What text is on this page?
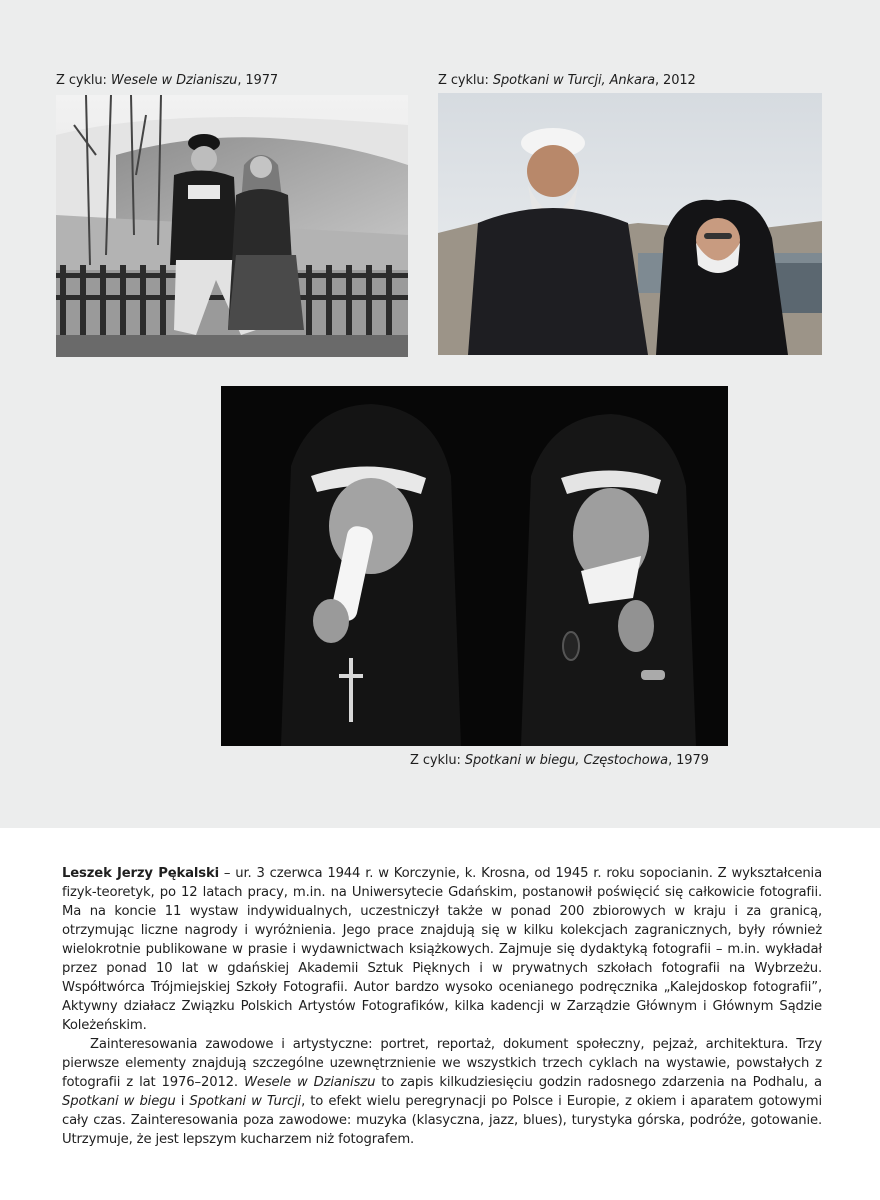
Z cyklu: Wesele w Dzianiszu, 1977	Z cyklu: Spotkani w Turcji, Ankara, 2012
Z cyklu: Spotkani w biegu, Częstochowa, 1979

Leszek Jerzy Pękalski – ur. 3 czerwca 1944 r. w Korczynie, k. Krosna, od 1945 r. roku sopocianin. Z wykształcenia fizyk-teoretyk, po 12 latach pracy, m.in. na Uniwersytecie Gdańskim, postanowił poświęcić się całkowicie fotografii. Ma na koncie 11 wystaw indywidualnych, uczestniczył także w ponad 200 zbiorowych w kraju i za granicą, otrzymując liczne nagrody i wyróżnienia. Jego prace znajdują się w kilku kolekcjach zagranicznych, były również wielokrotnie publikowane w prasie i wydawnictwach książkowych. Zajmuje się dydaktyką fotografii – m.in. wykładał przez ponad 10 lat w gdańskiej Akademii Sztuk Pięknych i w prywatnych szkołach fotografii na Wybrzeżu. Współtwórca Trójmiejskiej Szkoły Fotografii. Autor bardzo wysoko ocenianego podręcznika „Kalejdoskop fotografii”, Aktywny działacz Związku Polskich Artystów Fotografików, kilka kadencji w Zarządzie Głównym i Głównym Sądzie Koleżeńskim.

Zainteresowania zawodowe i artystyczne: portret, reportaż, dokument społeczny, pejzaż, architektura. Trzy pierwsze elementy znajdują szczególne uzewnętrznienie we wszystkich trzech cyklach na wystawie, powstałych z fotografii z lat 1976–2012. Wesele w Dzianiszu to zapis kilkudziesięciu godzin radosnego zdarzenia na Podhalu, a Spotkani w biegu i Spotkani w Turcji, to efekt wielu peregrynacji po Polsce i Europie, z okiem i aparatem gotowymi cały czas. Zainteresowania poza zawodowe: muzyka (klasyczna, jazz, blues), turystyka górska, podróże, gotowanie. Utrzymuje, że jest lepszym kucharzem niż fotografem.
